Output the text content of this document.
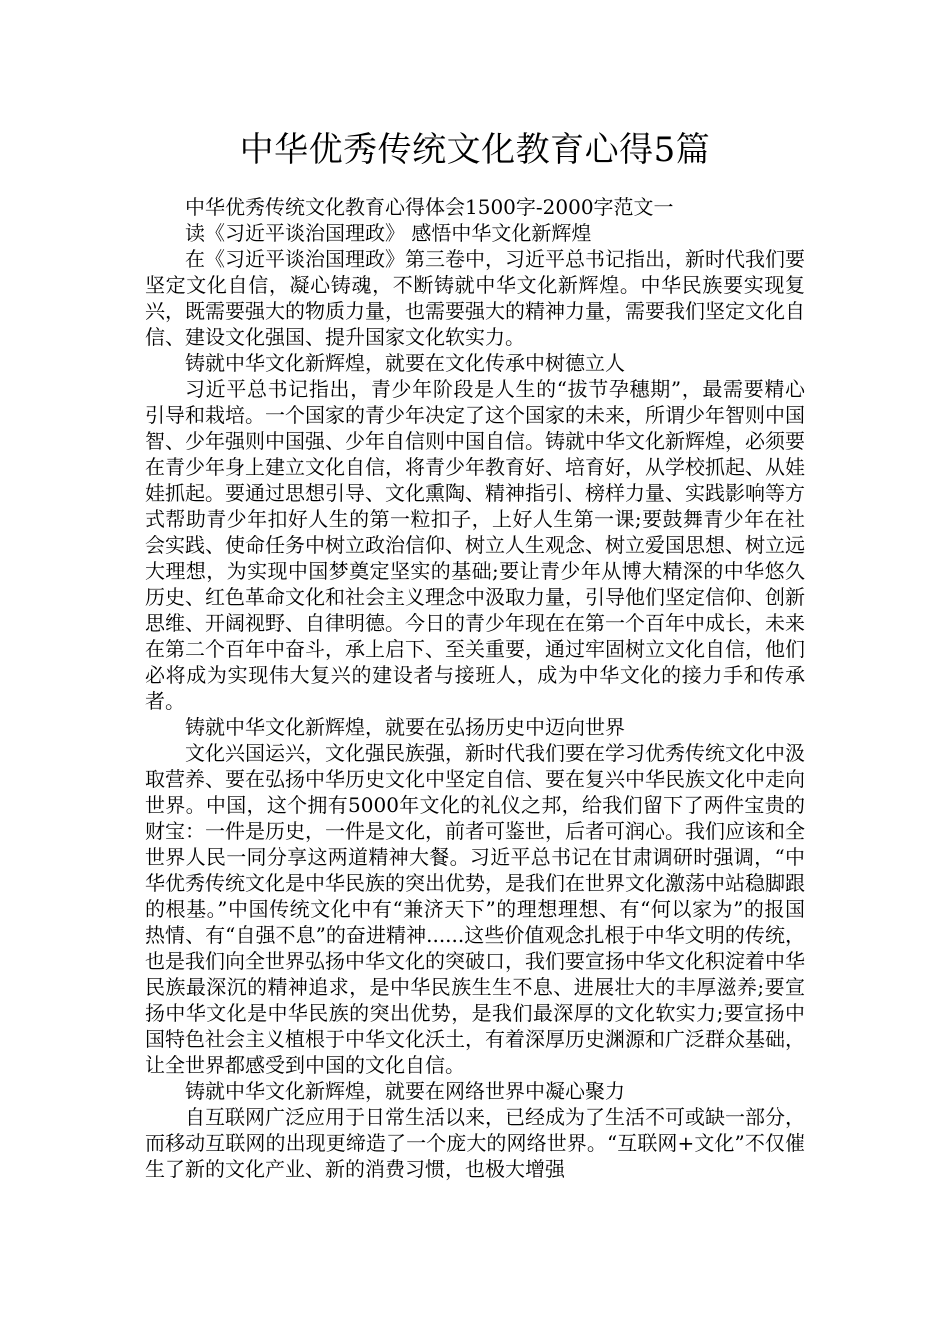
中华优秀传统文化教育心得5篇

中华优秀传统文化教育心得体会1500字-2000字范文一

读《习近平谈治国理政》 感悟中华文化新辉煌

在《习近平谈治国理政》第三卷中，习近平总书记指出，新时代我们要坚定文化自信，凝心铸魂，不断铸就中华文化新辉煌。中华民族要实现复兴，既需要强大的物质力量，也需要强大的精神力量，需要我们坚定文化自信、建设文化强国、提升国家文化软实力。

铸就中华文化新辉煌，就要在文化传承中树德立人

习近平总书记指出，青少年阶段是人生的“拔节孕穗期”，最需要精心引导和栽培。一个国家的青少年决定了这个国家的未来，所谓少年智则中国智、少年强则中国强、少年自信则中国自信。铸就中华文化新辉煌，必须要在青少年身上建立文化自信，将青少年教育好、培育好，从学校抓起、从娃娃抓起。要通过思想引导、文化熏陶、精神指引、榜样力量、实践影响等方式帮助青少年扣好人生的第一粒扣子，上好人生第一课;要鼓舞青少年在社会实践、使命任务中树立政治信仰、树立人生观念、树立爱国思想、树立远大理想，为实现中国梦奠定坚实的基础;要让青少年从博大精深的中华悠久历史、红色革命文化和社会主义理念中汲取力量，引导他们坚定信仰、创新思维、开阔视野、自律明德。今日的青少年现在在第一个百年中成长，未来在第二个百年中奋斗，承上启下、至关重要，通过牢固树立文化自信，他们必将成为实现伟大复兴的建设者与接班人，成为中华文化的接力手和传承者。

铸就中华文化新辉煌，就要在弘扬历史中迈向世界

文化兴国运兴，文化强民族强，新时代我们要在学习优秀传统文化中汲取营养、要在弘扬中华历史文化中坚定自信、要在复兴中华民族文化中走向世界。中国，这个拥有5000年文化的礼仪之邦，给我们留下了两件宝贵的财宝：一件是历史，一件是文化，前者可鉴世，后者可润心。我们应该和全世界人民一同分享这两道精神大餐。习近平总书记在甘肃调研时强调，“中华优秀传统文化是中华民族的突出优势，是我们在世界文化激荡中站稳脚跟的根基。”中国传统文化中有“兼济天下”的理想理想、有“何以家为”的报国热情、有“自强不息”的奋进精神......这些价值观念扎根于中华文明的传统，也是我们向全世界弘扬中华文化的突破口，我们要宣扬中华文化积淀着中华民族最深沉的精神追求，是中华民族生生不息、进展壮大的丰厚滋养;要宣扬中华文化是中华民族的突出优势，是我们最深厚的文化软实力;要宣扬中国特色社会主义植根于中华文化沃土，有着深厚历史渊源和广泛群众基础，让全世界都感受到中国的文化自信。

铸就中华文化新辉煌，就要在网络世界中凝心聚力

自互联网广泛应用于日常生活以来，已经成为了生活不可或缺一部分，而移动互联网的出现更缔造了一个庞大的网络世界。“互联网+文化”不仅催生了新的文化产业、新的消费习惯，也极大增强
